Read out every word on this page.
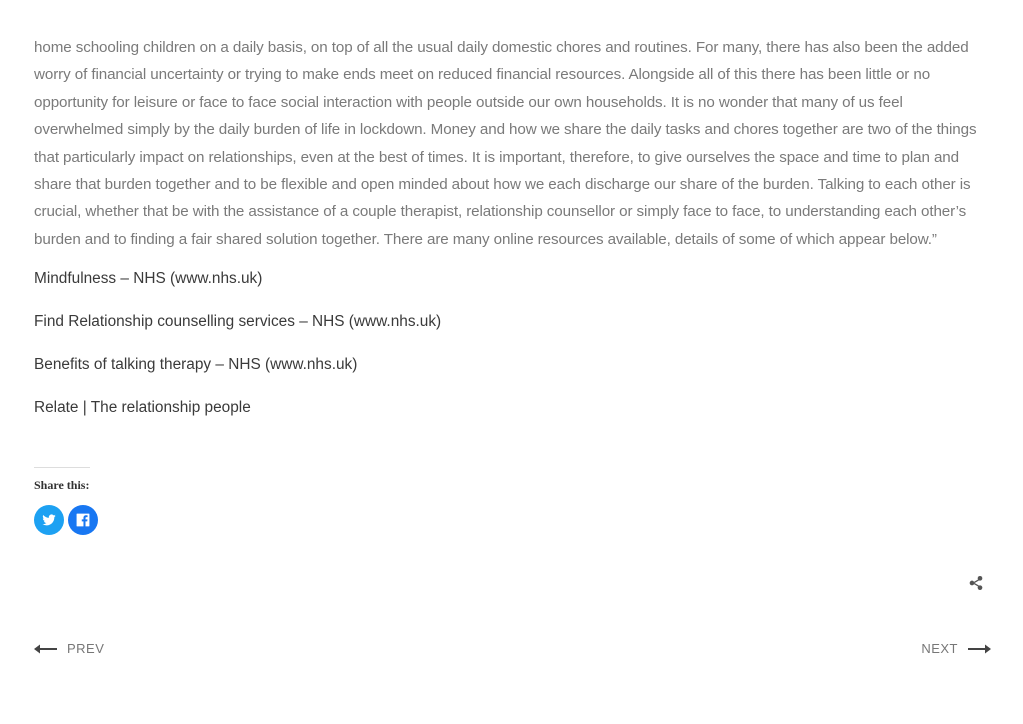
home schooling children on a daily basis, on top of all the usual daily domestic chores and routines. For many, there has also been the added worry of financial uncertainty or trying to make ends meet on reduced financial resources. Alongside all of this there has been little or no opportunity for leisure or face to face social interaction with people outside our own households. It is no wonder that many of us feel overwhelmed simply by the daily burden of life in lockdown. Money and how we share the daily tasks and chores together are two of the things that particularly impact on relationships, even at the best of times. It is important, therefore, to give ourselves the space and time to plan and share that burden together and to be flexible and open minded about how we each discharge our share of the burden. Talking to each other is crucial, whether that be with the assistance of a couple therapist, relationship counsellor or simply face to face, to understanding each other’s burden and to finding a fair shared solution together. There are many online resources available, details of some of which appear below.”

Mindfulness – NHS (www.nhs.uk)
Find Relationship counselling services – NHS (www.nhs.uk)
Benefits of talking therapy – NHS (www.nhs.uk)
Relate | The relationship people
Share this:
PREV	NEXT
